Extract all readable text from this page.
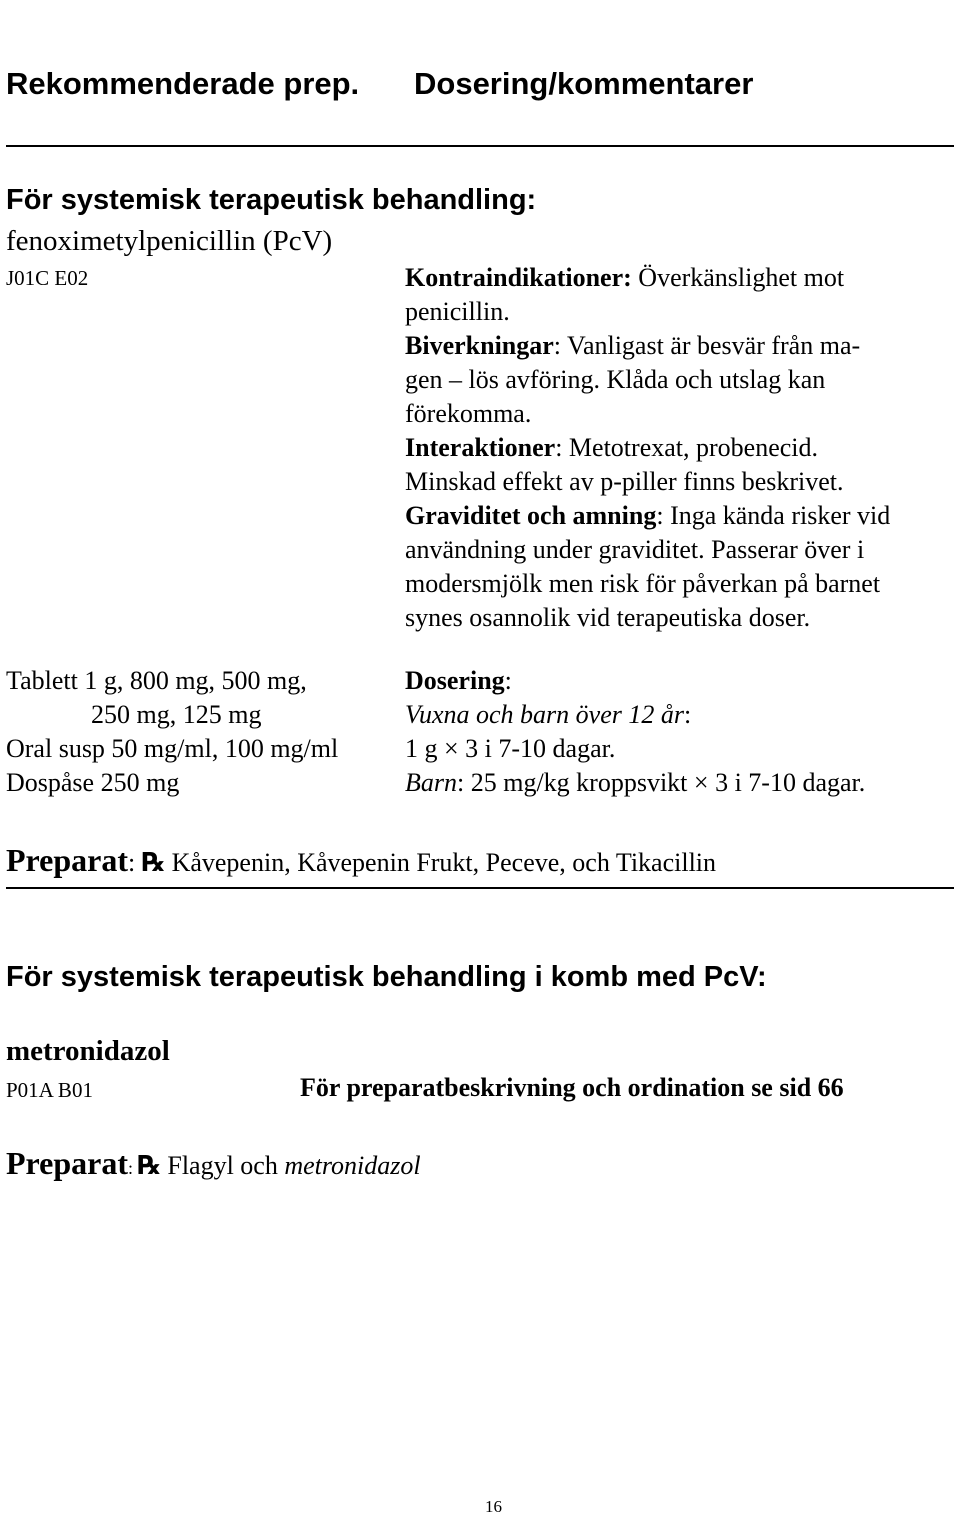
Rekommenderade prep. Dosering/kommentarer
För systemisk terapeutisk behandling:
fenoximetylpenicillin (PcV)
J01C E02	Kontraindikationer: Överkänslighet mot
penicillin.
Biverkningar: Vanligast är besvär från ma-
gen – lös avföring. Klåda och utslag kan
förekomma.
Interaktioner: Metotrexat, probenecid.
Minskad effekt av p-piller finns beskrivet.
Graviditet och amning: Inga kända risker vid
användning under graviditet. Passerar över i
modersmjölk men risk för påverkan på barnet
synes osannolik vid terapeutiska doser.
Tablett 1 g, 800 mg, 500 mg,
250 mg, 125 mg
Oral susp 50 mg/ml, 100 mg/ml
Dospåse 250 mg
Dosering:
Vuxna och barn över 12 år:
1 g × 3 i 7-10 dagar.
Barn: 25 mg/kg kroppsvikt × 3 i 7-10 dagar.
Preparat: ℞ Kåvepenin, Kåvepenin Frukt, Peceve, och Tikacillin
För systemisk terapeutisk behandling i komb med PcV:
metronidazol
P01A B01	För preparatbeskrivning och ordination se sid 66
Preparat: ℞ Flagyl och metronidazol
16
